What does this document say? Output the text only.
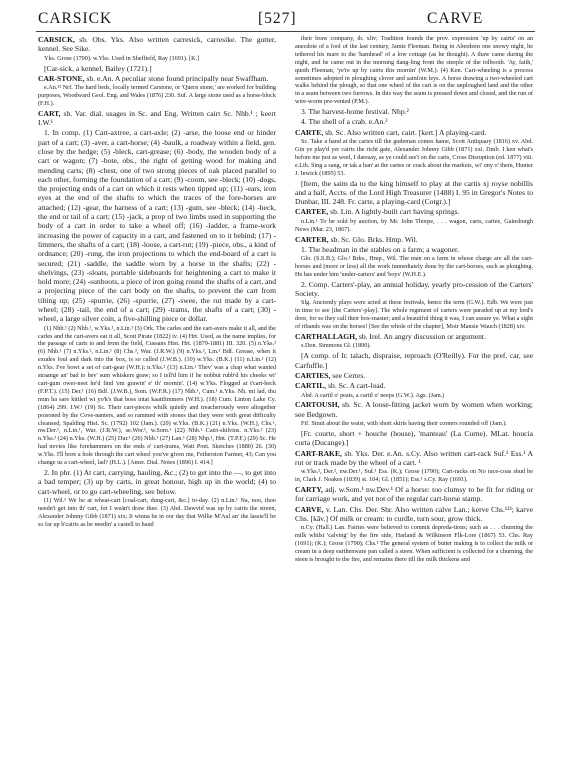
CARSICK	[527]	CARVE

CARSICK, sb. Obs. Yks. Also written carresick, carresike. The gutter, kennel. See Sike.

Yks. Grose (1790). w.Yks. Used in Sheffield, Ray (1691). [K.]

[Car-sick, a kennel, Bailey (1721).]

CAR-STONE, sb. e.An. A peculiar stone found principally near Swaffham.

e.An.¹² Nrf. The hard beds, locally termed Carstone, or 'Quern stone,' are worked for building purposes, Woodward Geol. Eng. and Wales (1876) 230. Suf. A large stone used as a horse-block (F.H.).

CART, sb. Var. dial. usages in Sc. and Eng. Written cairt Sc. Nhb.¹ ; keert I.W.¹

1. In comp. (1) Cart-axtree, a cart-axle; (2) -arse, the loose end or hinder part of a cart; (3) -aver, a cart-horse; (4) -baulk, a roadway within a field, gen. close by the hedge; (5) -bleck, cart-grease; (6) -body, the wooden body of a cart or wagon; (7) -bote, obs., the right of getting wood for making and mending carts; (8) -chest, one of two strong pieces of oak placed parallel to each other, forming the foundation of a cart; (9) -coom, see -bleck; (10) -dogs, the projecting ends of a cart on which it rests when tipped up; (11) -ears, iron eyes at the end of the shafts to which the traces of the fore-horses are attached; (12) -gear, the harness of a cart; (13) -gum, see -bleck; (14) -heck, the end or tail of a cart; (15) -jack, a prop of two limbs used in supporting the body of a cart in order to take a wheel off; (16) -ladder, a frame-work increasing the power of capacity in a cart, and fastened on to it behind; (17) -limmers, the shafts of a cart; (18) -loose, a cart-rut; (19) -piece, obs., a kind of ordnance; (20) -rung, the iron projections to which the end-board of a cart is secured; (21) -saddle, the saddle worn by a horse in the shafts; (22) -shelvings, (23) -sloats, portable sideboards for heightening a cart to make it hold more; (24) -sunboots, a piece of iron going round the shafts of a cart, and a projecting piece of the cart body on the shafts, to prevent the cart from tilting up; (25) -spurrie, (26) -spurrie, (27) -swee, the rut made by a cart-wheel; (28) -tail, the end of a cart; (29) -trams, the shafts of a cart; (30) -wheel, a large silver coin, a five-shilling piece or dollar.

(1) Nhb.¹ (2) Nhb.¹, w.Yks.¹, n.Lin.¹ (3) Ork. The carles and the cart-avers make it all, and the carles and the cart-avers eat it all, Scott Pirate (1822) iv. (4) Hrt. Used, as the name implies, for the passage of carts to and from the field, Cussans Hist. Hrt. (1879-1881) III. 320. (5) n.Yks.² (6) Nhb.¹ (7) n.Yks.², n.Lin.¹ (8) Chs.³, War. (J.R.W.) (9) n.Yks.², Lin.¹ Bdf. Grease, when it exudes foul and dark into the box, is so called (J.W.B.). (10) w.Yks. (B.K.) (11) n.Lin.¹ (12) n.Yks. I've bowt a set of cart-gear (W.H.); n.Yks.² (13) n.Lin.¹ Thev' was a chap what wanted straange an' bad to hev' sum whiskers graw; so I tell'd him if he nobbut rubb'd his cheeks wi' cart-gum ower-neet he'd find 'em grawin' e' th' mornin'. (14) w.Yks. Flogged at t'cart-heck (F.P.T.). (15) Der.¹ (16) Bdf. (J.W.B.), Som. (W.F.R.) (17) Nhb.¹, Cum.¹ n.Yks. Nh. mi lad, thu mun ha sare kittled wi yo'k's that boss intat kaattlimmers (W.H.). (18) Cum. Linton Lake Cy. (1864) 299. I.W.¹ (19) Sc. Their cart-pieces whilk quietly and treacherously were altogether poisoned by the Cove-nanters, and so rammed with stones that they were with great difficulty cleansed, Spalding Hist. Sc. (1792) 102 (Jam.). (20) w.Yks. (B.K.) (21) n.Yks. (W.H.), Chs.¹, nw.Der.¹, n.Lin.¹, War. (J.R.W.), se.Wor.¹, w.Som.¹ (22) Nhb.¹ Cairt-shilvins. n.Yks.² (23) n.Yks.² (24) n.Yks. (W.H.) (25) Dur.¹ (26) Nhb.¹ (27) Lan.¹ (28) Nhp.¹, Hnt. (T.P.F.) (29) Sc. He had nevies like forehammers on the ends o' cart-trams, Watt Poet. Sketches (1880) 26. (30) w.Yks. I'll bore a hole through the cart wheel you've given me, Fetherston Farmer, 43; Can you change us a cart-wheel, lad? (H.L.). [Amer. Dial. Notes (1896) I. 414.]

2. In phr. (1) At cart, carrying, hauling, &c.; (2) to get into the —, to get into a bad temper; (3) up by carts, in great honour, high up in the world; (4) to cart-wheel, or to go cart-wheeling, see below.

(1) Wil.¹ We be at wheat-cart [coal-cart, dung-cart, &c.] to-day. (2) n.Lin.¹ Na, noo, thoo needn't get into th' cart, for I weän't draw thee. (3) Abd. Dawvid was up by cairts the streen, Alexander Johnny Gibb (1871) xix; It winna be in oor day that Willie M'Aul an' the lassie'll be so far up b'cairts as be needin' a castell to haud

their braw company, ib. xliv; Tradition founds the prov. expression 'up by cairts' on an anecdote of a fool of the last century, Jamie Fleeman. Being in Aberdeen one snowy night, he tethered his mare to the 'hamhead' of a low cottage (as he thought). A thaw came during the night, and he came out in the morning dang-ling from the steeple of the tolbooth. 'Ay, faith,' quoth Fleeman, 'ye're up by cairts this mornin' (W.M.). (4) Ken. Cart-wheeling is a process sometimes adopted in ploughing clover and sainfoin leys. A horse drawing a two-wheeled cart walks behind the plough, so that one wheel of the cart is on the unploughed land and the other in a seam between two furrows. In this way the seam is pressed down and closed, and the run of wire-worm pre-vented (P.M.).

3. The harvest-home festival. Nhp.²

4. The shell of a crab. e.An.²

CARTE, sb. Sc. Also written cart, cairt. [kert.] A playing-card.

Sc. Take a hand at the cartes till the gudeman comes hame, Scott Antiquary (1816) xv. Abd. Gin ye play'd yer cairts the richt gate, Alexander Johnny Gibb (1871) xxi. Dmb. I ken what's before me just as weel, I daresay, as ye could see't on the carts, Cross Disruption (ed. 1877) viii. e.Lth. Sing a sang, or tak a han' at the cartes or crack about the markets, wi' ony o' them, Hunter J. Inwick (1895) 53.

[Item, the saim da to the king himself to play at the cartis xj royse nobillis and a half, Accts. of the Lord High Treasurer (1488) I. 95 in Gregor's Notes to Dunbar, III. 248. Fr. carte, a playing-card (Cotgr.).]

CARTEE, sb. Lin. A lightly-built cart having springs.

n.Lin.¹ To be sold by auction, by Mr. John Thorpe, . . . wagon, carts, cartee, Gainsburgh News (Mar. 23, 1867).

CARTER, sb. Sc. Glo. Brks. Hmp. Wil.

1. The headman in the stables on a farm; a wagoner.

Glo. (S.S.B.); Glo.¹ Brks., Hmp., Wil. The man on a farm in whose charge are all the cart-horses and (more or less) all the work immediately done by the cart-horses, such as ploughing. He has under him 'under-carters' and 'boys' (W.H.E.).

2. Comp. Carters'-play, an annual holiday, yearly pro-cession of the Carters' Society.

Slg. Anciently plays were acted at these festivals, hence the term (G.W.). Edb. We were just in time to see [the Carters'-play]. The whole regiment of carters were paraded up at my lord's door, for so they call their box-master; and a beautiful thing it was, I can assure ye. What a sight of ribands was on the horses! [See the whole of the chapter], Moir Mansie Wauch (1828) xiv.

CARTHALLAGH, sb. Irel. An angry discussion or argument.

s.Don. Simmons Gl. (1890).

[A comp. of Ir. talach, dispraise, reproach (O'Reilly). For the pref. car, see Carfuffle.]

CARTIES, see Certes.

CARTIL, sb. Sc. A cart-load.

Abd. A cartil o' peats, a cartil o' neeps (G.W.). Ags. (Jam.)

CARTOUSH, sb. Sc. A loose-fitting jacket worn by women when working; see Bedgown.

Fif. Strait about the waist, with short skirts having their corners rounded off (Jam.).

[Fr. courte, short + houche (house), 'manteau' (La Curne). MLat. houcia curta (Ducange).]

CART-RAKE, sb. Yks. Der. e.An. s.Cy. Also written cart-rack Suf.¹ Ess.¹ A rut or track made by the wheel of a cart. ¹

w.Yks.², Der.², nw.Der.¹, Suf.¹ Ess. (K.); Grose (1790); Cart-racks on No race-coas shud be in, Clark J. Noakes (1839) st. 104; Gl. (1851); Ess.¹ s.Cy. Ray (1691).

CARTY, adj. w.Som.¹ nw.Dev.¹ Of a horse: too clumsy to be fit for riding or for carriage work, and yet not of the regular cart-horse stamp.

CARVE, v. Lan. Chs. Der. Shr. Also written calve Lan.; kerve Chs.¹²³; karve Chs. [kāv.] Of milk or cream: to curdle, turn sour, grow thick.

n.Cy. (Hall.) Lan. Fairies were believed to commit depreda-tions; such as . . . churning the milk whilst 'calving' by the fire side, Harland & Wilkinson Flk-Lore (1867) 53. Chs. Ray (1691); (K.); Grose (1790); Chs.¹ The general system of butter making is to collect the milk or cream in a deep earthenware pan called a steen. When sufficient is collected for a churning, the steen is brought to the fire, and remains there till the milk thickens and
